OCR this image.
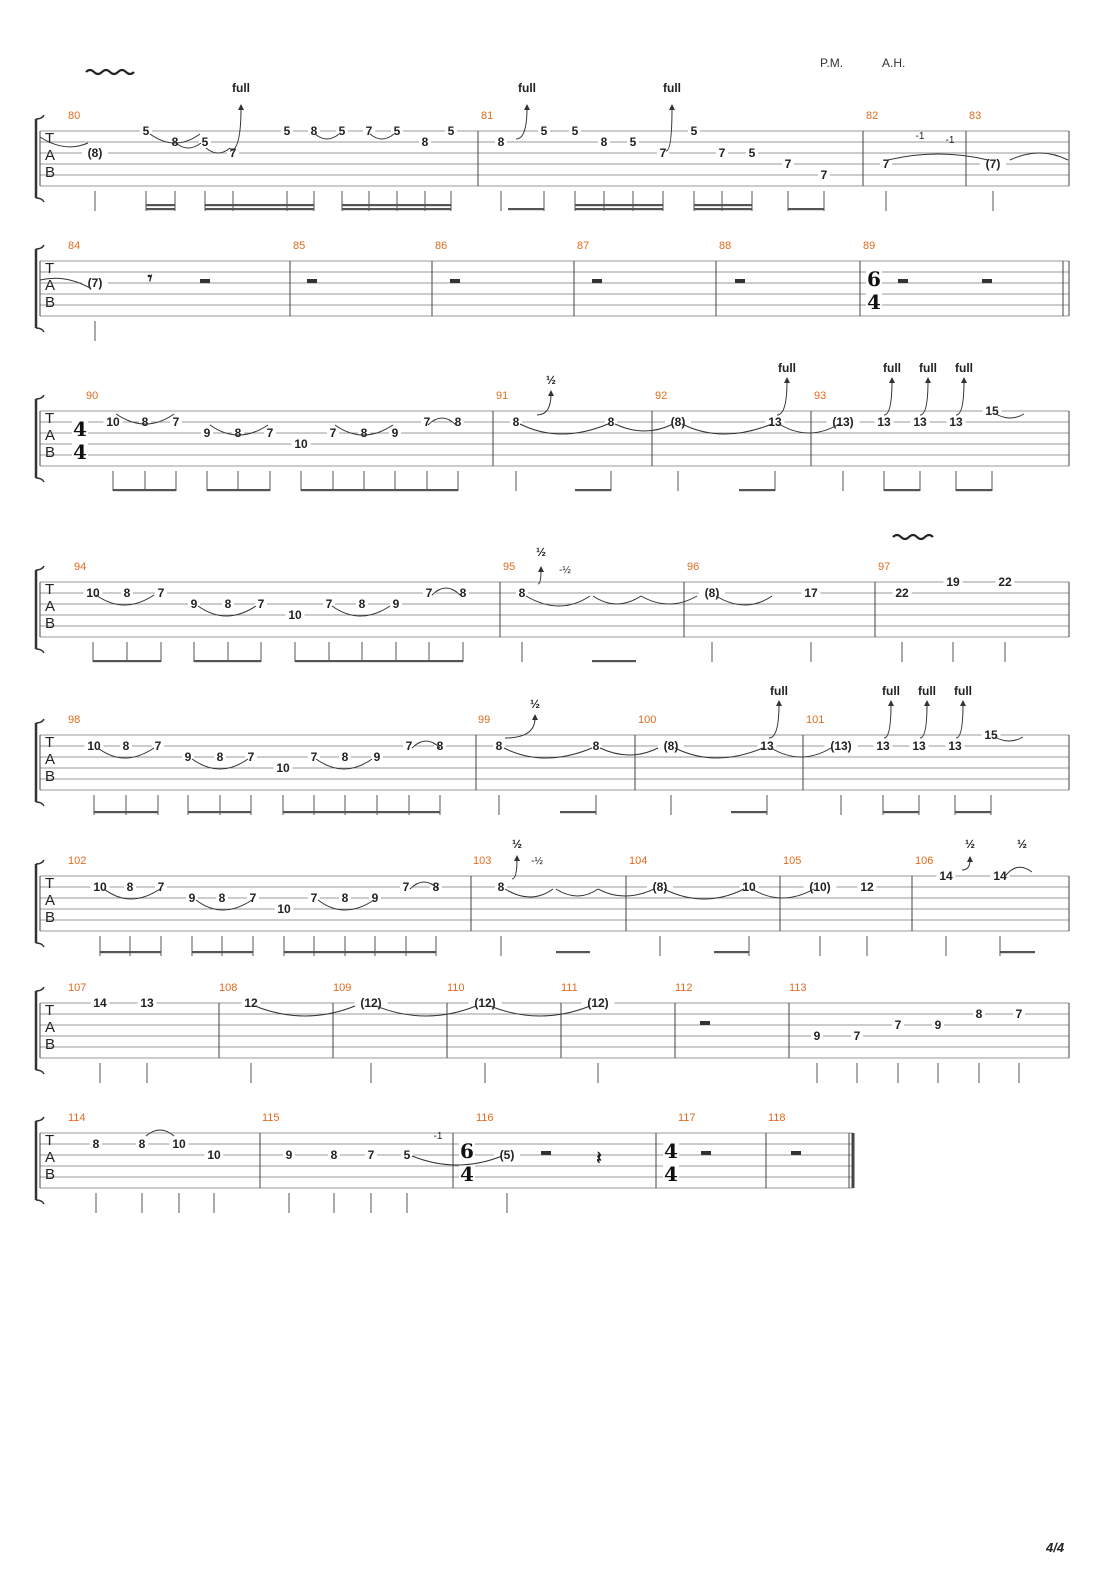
P.M.	A.H.
T
A
B
80	81	82	83
(8)
5
8 5
7
5 8 5 7 5
8
5
8
5 5
8 5
7
5
7 5
7
7
7	(7)
full	full	full
-1 -1
T
A
B
84	85	86	87	88	89
(7)	𝄾	6
4
T
A
B
90	91	92	93
10 8 7
9 8 7
10
7 8 9
7 8	8	8	(8)	13	(13) 13 13 13
15
½
full	full full full
4
4
T
A
B
94	95	96	97
10 8 7
9 8 7
10
7 8 9
7 8	8	(8)	17	22
19	22
½
-½
T
A
B
98	99	100	101
10 8 7
9 8 7
10
7 8 9
7 8	8	8	(8)	13	(13) 13 13 13
15
½
full	full full full
T
A
B
102	103	104	105	106
10 8 7
9 8 7
10
7 8 9
7 8	8	(8)	10	(10) 12
14	14
½
-½
½	½
T
A
B
107	108	109	110	111	112	113
14	13	12	(12)	(12)	(12)
9	7
7	9
8	7
T
A
B
114	115	116	117	118
8	8 10
10	9	8	7 5	(5)
-1
𝄽
6
4
4
4
4/4
